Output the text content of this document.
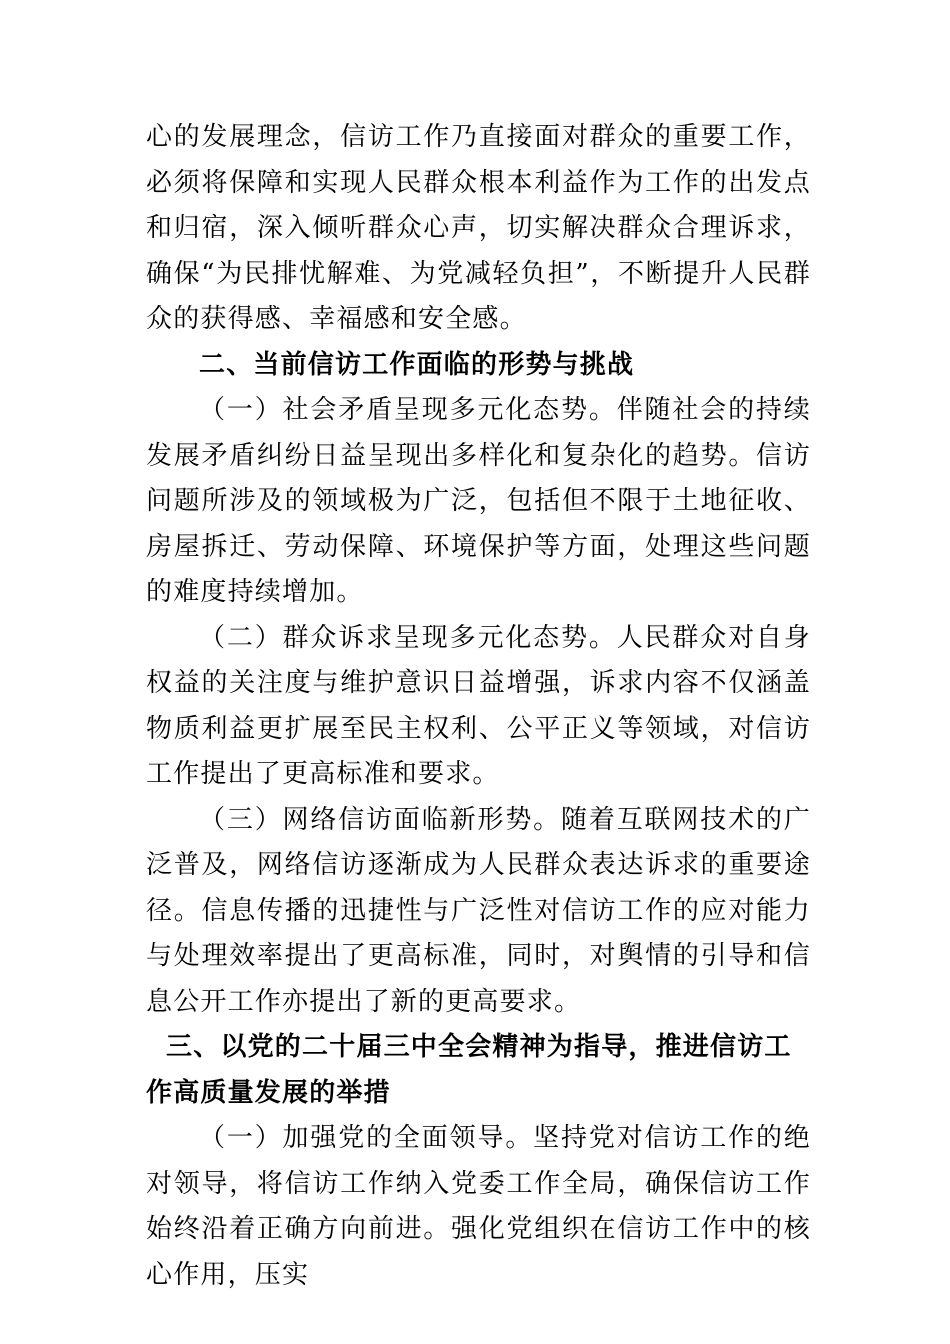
心的发展理念，信访工作乃直接面对群众的重要工作，必须将保障和实现人民群众根本利益作为工作的出发点和归宿，深入倾听群众心声，切实解决群众合理诉求，确保“为民排忧解难、为党减轻负担”，不断提升人民群众的获得感、幸福感和安全感。

二、当前信访工作面临的形势与挑战

（一）社会矛盾呈现多元化态势。伴随社会的持续发展矛盾纠纷日益呈现出多样化和复杂化的趋势。信访问题所涉及的领域极为广泛，包括但不限于土地征收、房屋拆迁、劳动保障、环境保护等方面，处理这些问题的难度持续增加。

（二）群众诉求呈现多元化态势。人民群众对自身权益的关注度与维护意识日益增强，诉求内容不仅涵盖物质利益更扩展至民主权利、公平正义等领域，对信访工作提出了更高标准和要求。

（三）网络信访面临新形势。随着互联网技术的广泛普及，网络信访逐渐成为人民群众表达诉求的重要途径。信息传播的迅捷性与广泛性对信访工作的应对能力与处理效率提出了更高标准，同时，对舆情的引导和信息公开工作亦提出了新的更高要求。

三、以党的二十届三中全会精神为指导，推进信访工作高质量发展的举措

（一）加强党的全面领导。坚持党对信访工作的绝对领导，将信访工作纳入党委工作全局，确保信访工作始终沿着正确方向前进。强化党组织在信访工作中的核心作用，压实
